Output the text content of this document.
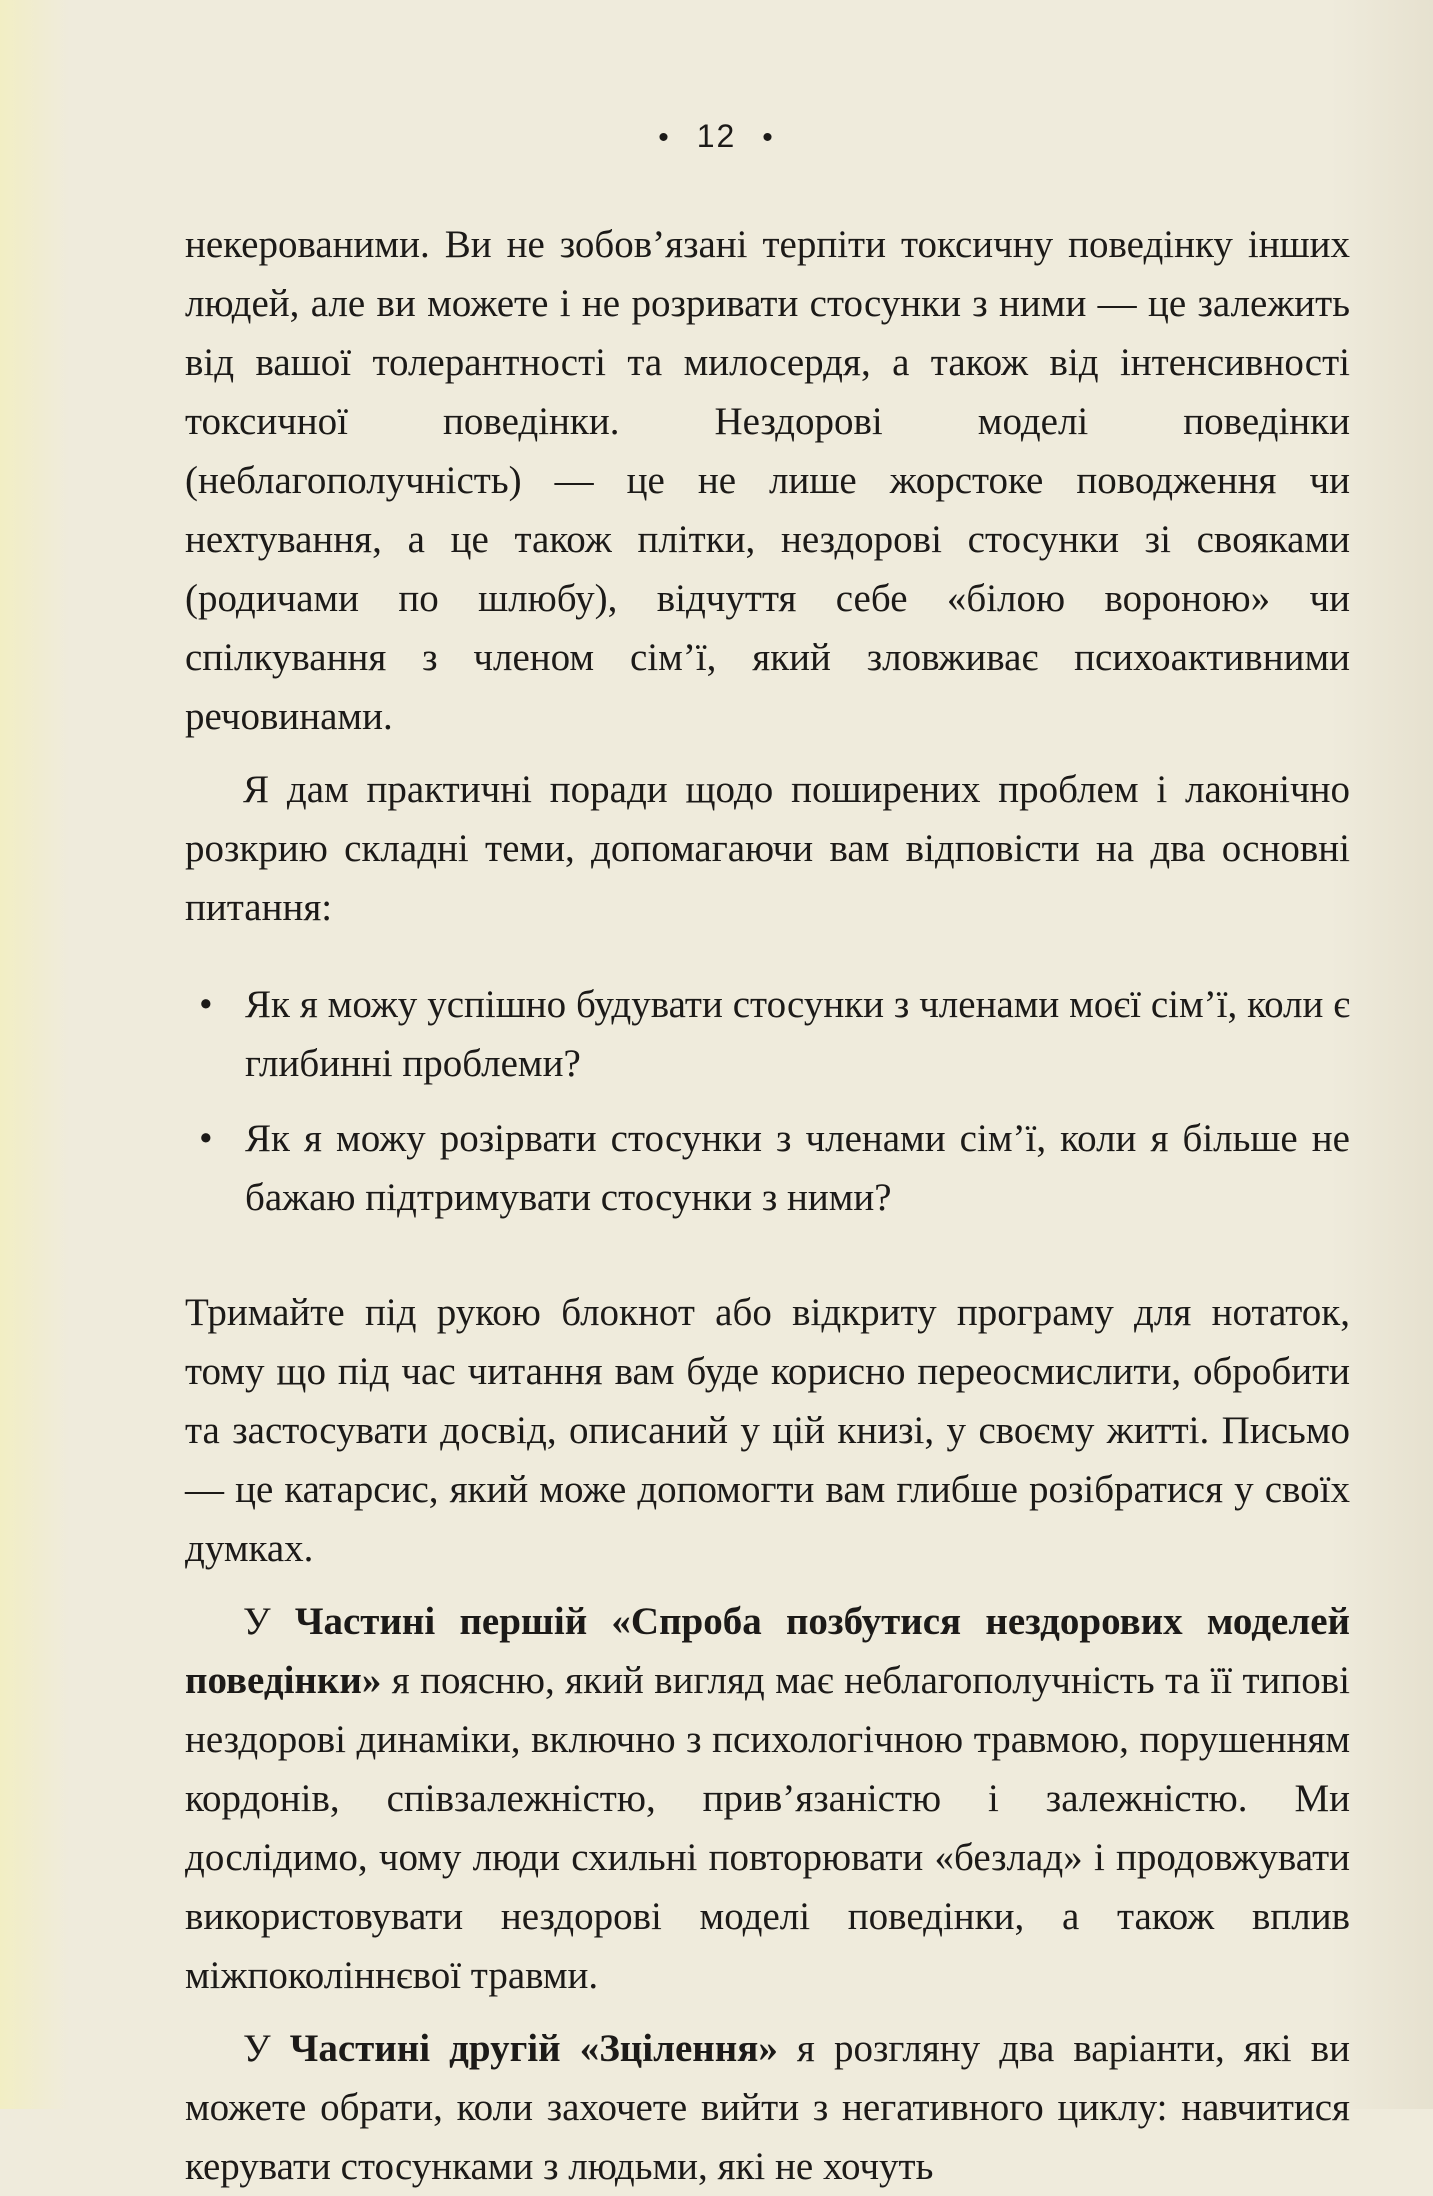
• 12 •

некерованими. Ви не зобов’язані терпіти токсичну поведінку інших людей, але ви можете і не розривати стосунки з ними — це залежить від вашої толерантності та милосердя, а також від інтенсивності токсичної поведінки. Нездорові моделі поведінки (неблагополучність) — це не лише жорстоке поводження чи нехтування, а це також плітки, нездорові стосунки зі свояками (родичами по шлюбу), відчуття себе «білою вороною» чи спілкування з членом сім’ї, який зловживає психоактивними речовинами.

Я дам практичні поради щодо поширених проблем і лаконічно розкрию складні теми, допомагаючи вам відповісти на два основні питання:

• Як я можу успішно будувати стосунки з членами моєї сім’ї, коли є глибинні проблеми?
• Як я можу розірвати стосунки з членами сім’ї, коли я більше не бажаю підтримувати стосунки з ними?

Тримайте під рукою блокнот або відкриту програму для нотаток, тому що під час читання вам буде корисно переосмислити, обробити та застосувати досвід, описаний у цій книзі, у своєму житті. Письмо — це катарсис, який може допомогти вам глибше розібратися у своїх думках.

У Частині першій «Спроба позбутися нездорових моделей поведінки» я поясню, який вигляд має неблагополучність та її типові нездорові динаміки, включно з психологічною травмою, порушенням кордонів, співзалежністю, прив’язаністю і залежністю. Ми дослідимо, чому люди схильні повторювати «безлад» і продовжувати використовувати нездорові моделі поведінки, а також вплив міжпоколіннєвої травми.

У Частині другій «Зцілення» я розгляну два варіанти, які ви можете обрати, коли захочете вийти з негативного циклу: навчитися керувати стосунками з людьми, які не хочуть
